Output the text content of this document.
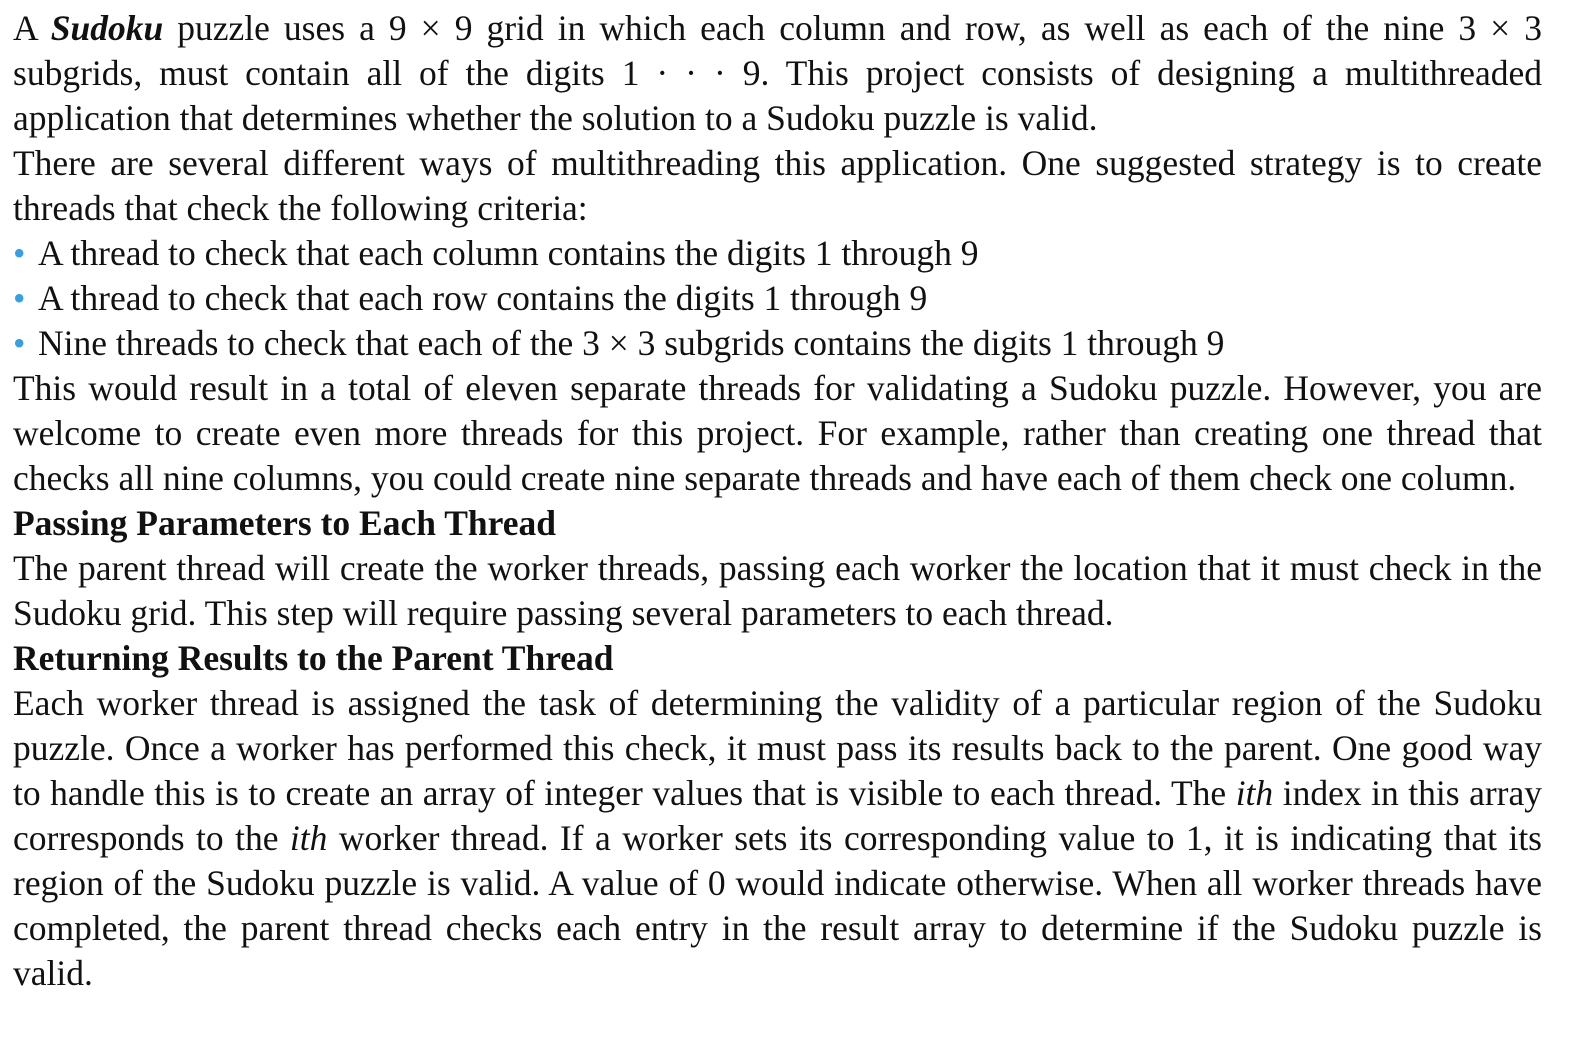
A Sudoku puzzle uses a 9 × 9 grid in which each column and row, as well as each of the nine 3 × 3 subgrids, must contain all of the digits 1 · · · 9. This project consists of designing a multithreaded application that determines whether the solution to a Sudoku puzzle is valid.

There are several different ways of multithreading this application. One suggested strategy is to create threads that check the following criteria:

• A thread to check that each column contains the digits 1 through 9
• A thread to check that each row contains the digits 1 through 9
• Nine threads to check that each of the 3 × 3 subgrids contains the digits 1 through 9

This would result in a total of eleven separate threads for validating a Sudoku puzzle. However, you are welcome to create even more threads for this project. For example, rather than creating one thread that checks all nine columns, you could create nine separate threads and have each of them check one column.

Passing Parameters to Each Thread

The parent thread will create the worker threads, passing each worker the location that it must check in the Sudoku grid. This step will require passing several parameters to each thread.

Returning Results to the Parent Thread

Each worker thread is assigned the task of determining the validity of a particular region of the Sudoku puzzle. Once a worker has performed this check, it must pass its results back to the parent. One good way to handle this is to create an array of integer values that is visible to each thread. The ith index in this array corresponds to the ith worker thread. If a worker sets its corresponding value to 1, it is indicating that its region of the Sudoku puzzle is valid. A value of 0 would indicate otherwise. When all worker threads have completed, the parent thread checks each entry in the result array to determine if the Sudoku puzzle is valid.
